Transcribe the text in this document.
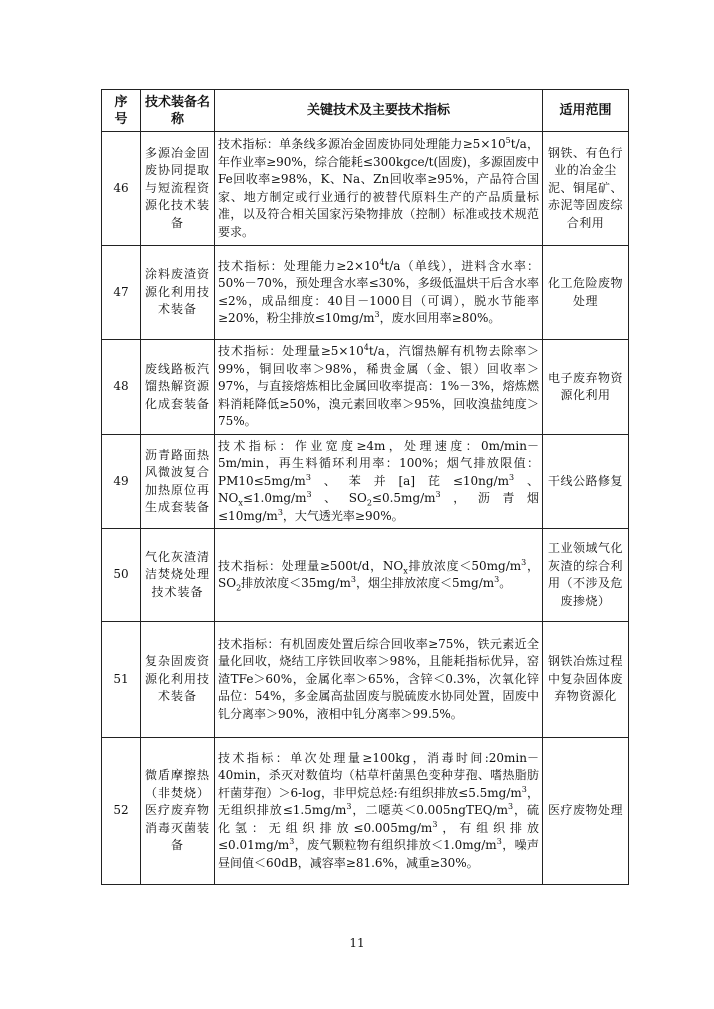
序号	技术装备名称	关键技术及主要技术指标	适用范围
46	多源冶金固废协同提取与短流程资源化技术装备	技术指标：单条线多源冶金固废协同处理能力$\ge 5\times 10^5t/a$，年作业率≥90%，综合能耗≤300kgce/t(固废)，多源固废中Fe回收率≥98%，K、Na、Zn回收率≥95%，产品符合国家、地方制定或行业通行的被替代原料生产的产品质量标准，以及符合相关国家污染物排放（控制）标准或技术规范要求。	钢铁、有色行业的冶金尘泥、铜尾矿、赤泥等固废综合利用
47	涂料废渣资源化利用技术装备	技术指标：处理能力$\ge 2\times 10^4t/a$（单线），进料含水率：50%－70%，预处理含水率≤30%，多级低温烘干后含水率≤2%，成品细度：40目－1000目（可调），脱水节能率≥20%，粉尘排放$\le 10mg/m^3$，废水回用率≥80%。	化工危险废物处理
48	废线路板汽馏热解资源化成套装备	技术指标：处理量$\ge 5\times 10^4t/a$，汽馏热解有机物去除率＞99%，铜回收率＞98%，稀贵金属（金、银）回收率＞97%，与直接熔炼相比金属回收率提高：1%－3%，熔炼燃料消耗降低≥50%，溴元素回收率＞95%，回收溴盐纯度＞75%。	电子废弃物资源化利用
49	沥青路面热风微波复合加热原位再生成套装备	技术指标：作业宽度≥4m，处理速度：0m/min－5m/min，再生料循环利用率：100%；烟气排放限值：$PM10\le 5mg/m^3$、苯并[a]芘$\le 10ng/m^3$、$NO_x\le 1.0mg/m^3$、$SO_2\le 0.5mg/m^3$，沥青烟$\le 10mg/m^3$，大气透光率≥90%。	干线公路修复
50	气化灰渣清洁焚烧处理技术装备	技术指标：处理量≥500t/d，$NO_x$排放浓度$<50mg/m^3$，$SO_2$排放浓度$<35mg/m^3$，烟尘排放浓度$<5mg/m^3$。	工业领域气化灰渣的综合利用（不涉及危废掺烧）
51	复杂固废资源化利用技术装备	技术指标：有机固废处置后综合回收率≥75%，铁元素近全量化回收，烧结工序铁回收率＞98%，且能耗指标优异，窑渣TFe＞60%，金属化率＞65%，含锌＜0.3%，次氧化锌品位：54%，多金属高盐固废与脱硫废水协同处置，固废中钆分离率＞90%，液相中钆分离率＞99.5%。	钢铁冶炼过程中复杂固体废弃物资源化
52	微盾摩擦热（非焚烧）医疗废弃物消毒灭菌装备	技术指标：单次处理量≥100kg，消毒时间:20min－40min，杀灭对数值均（枯草杆菌黑色变种芽孢、嗜热脂肪杆菌芽孢）＞6-log，非甲烷总烃:有组织排放$\le 5.5mg/m^3$，无组织排放$\le 1.5mg/m^3$，二噁英$<0.005ngTEQ/m^3$，硫化氢：无组织排放$\le 0.005mg/m^3$，有组织排放$\le 0.01mg/m^3$，废气颗粒物有组织排放$<1.0mg/m^3$，噪声昼间值＜60dB，减容率≥81.6%，减重≥30%。	医疗废物处理
11
